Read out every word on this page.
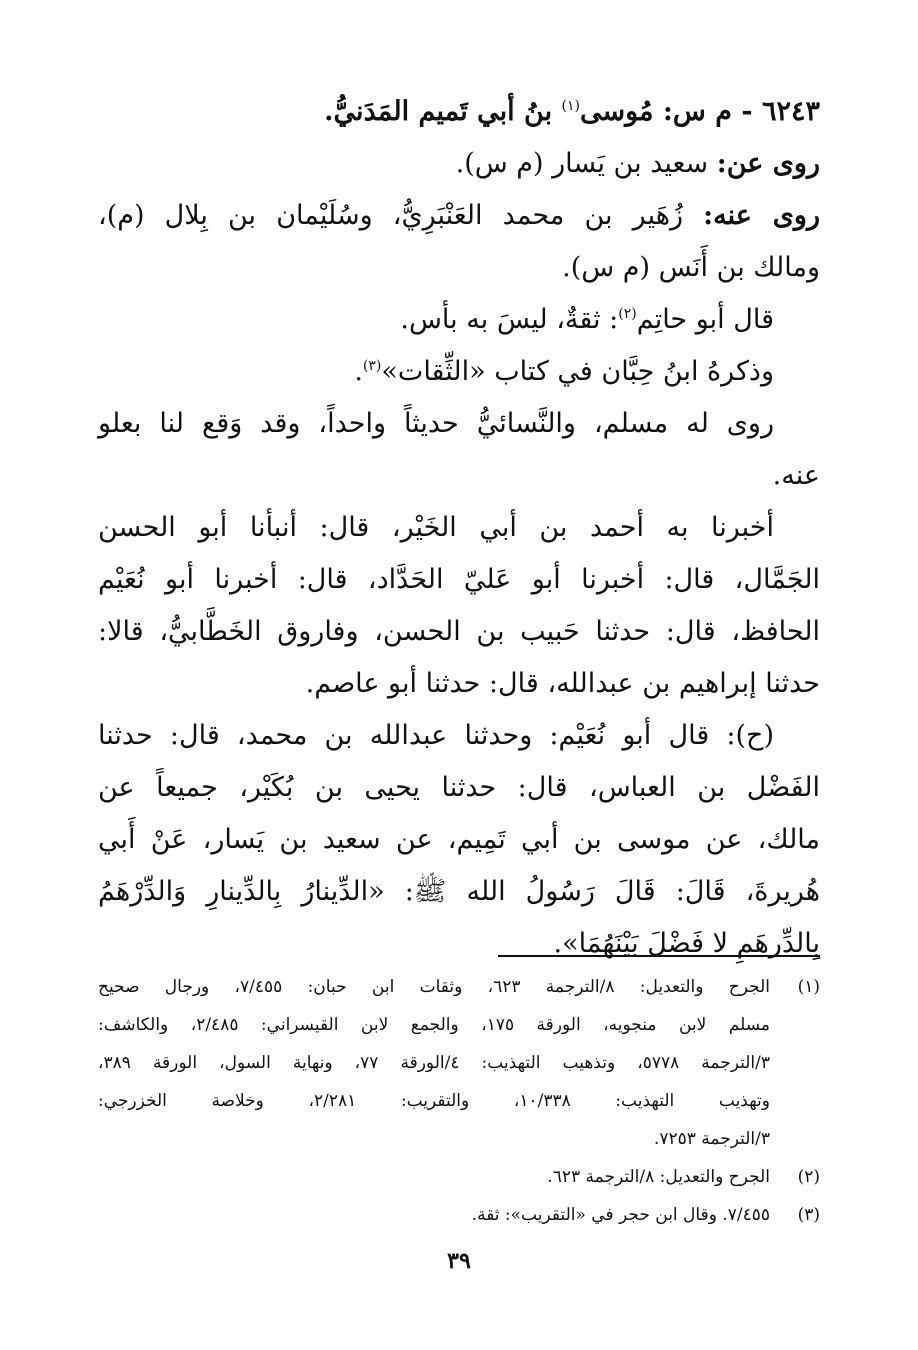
٦٢٤٣ - م س: مُوسى$^{(١)}$ بنُ أبي تَميم المَدَنيُّ.
روى عن: سعيد بن يَسار (م س).
روى عنه: زُهَير بن محمد العَنْبَرِيُّ، وسُلَيْمان بن بِلال (م)،
ومالك بن أَنَس (م س).
قال أبو حاتِم$^{(٢)}$: ثقةٌ، ليسَ به بأس.
وذكرهُ ابنُ حِبَّان في كتاب «الثِّقات»$^{(٣)}$.
روى له مسلم، والنَّسائيُّ حديثاً واحداً، وقد وَقع لنا بعلو
عنه.
أخبرنا به أحمد بن أبي الخَيْر، قال: أنبأنا أبو الحسن
الجَمَّال، قال: أخبرنا أبو عَليّ الحَدَّاد، قال: أخبرنا أبو نُعَيْم
الحافظ، قال: حدثنا حَبيب بن الحسن، وفاروق الخَطَّابيُّ، قالا:
حدثنا إبراهيم بن عبدالله، قال: حدثنا أبو عاصم.
(ح): قال أبو نُعَيْم: وحدثنا عبدالله بن محمد، قال: حدثنا
الفَضْل بن العباس، قال: حدثنا يحيى بن بُكَيْر، جميعاً عن
مالك، عن موسى بن أبي تَمِيم، عن سعيد بن يَسار، عَنْ أَبي
هُريرةَ، قَالَ: قَالَ رَسُولُ الله ﷺ: «الدِّينارُ بِالدِّينارِ وَالدِّرْهَمُ
بِالدِّرهَمِ لا فَضْلَ بَيْنَهُمَا».
(١)
الجرح والتعديل: ٨/الترجمة ٦٢٣، وثقات ابن حبان: ٧/٤٥٥، ورجال صحيح
مسلم لابن منجويه، الورقة ١٧٥، والجمع لابن القيسراني: ٢/٤٨٥، والكاشف:
٣/الترجمة ٥٧٧٨، وتذهيب التهذيب: ٤/الورقة ٧٧، ونهاية السول، الورقة ٣٨٩،
وتهذيب التهذيب: ١٠/٣٣٨، والتقريب: ٢/٢٨١، وخلاصة الخزرجي:
٣/الترجمة ٧٢٥٣.
(٢)
الجرح والتعديل: ٨/الترجمة ٦٢٣.
(٣)
٧/٤٥٥. وقال ابن حجر في «التقريب»: ثقة.
٣٩
